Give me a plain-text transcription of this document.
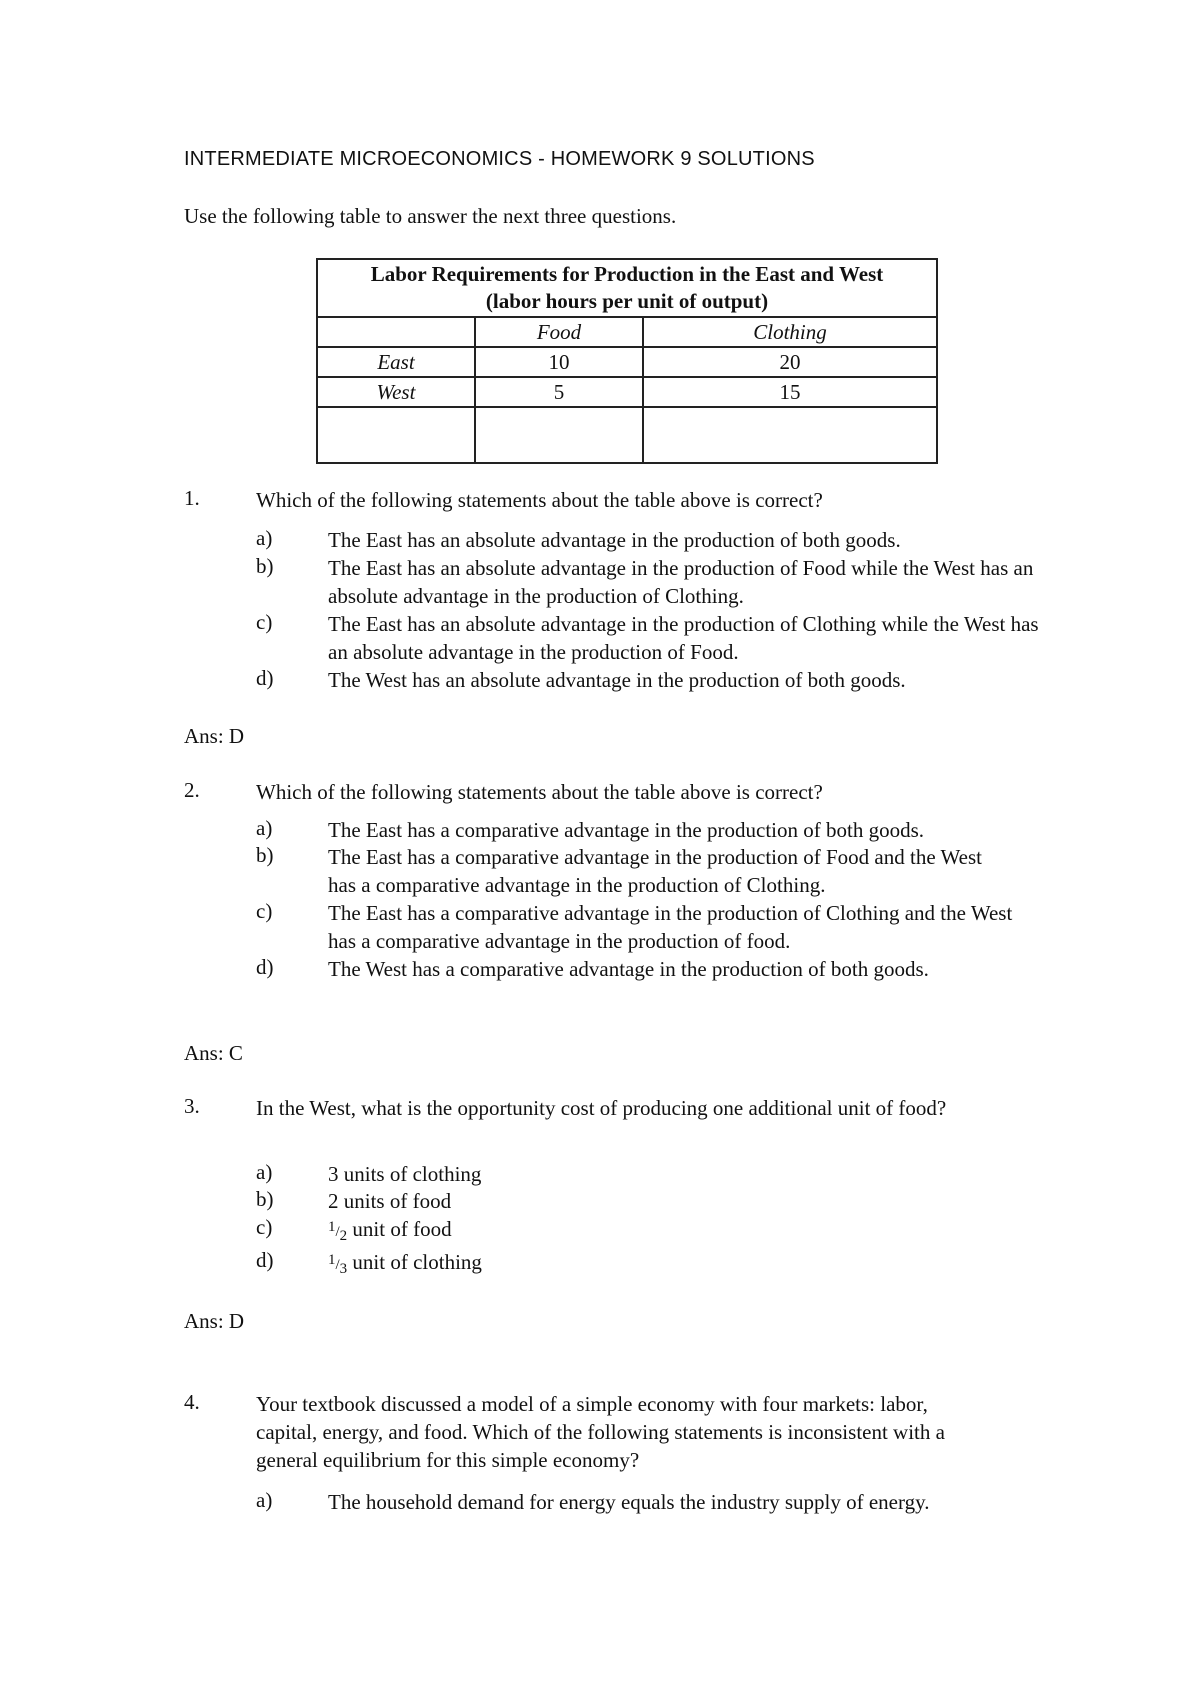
INTERMEDIATE MICROECONOMICS - HOMEWORK 9 SOLUTIONS
Use the following table to answer the next three questions.
Labor Requirements for Production in the East and West
(labor hours per unit of output)		

	Food	Clothing
East	10	20
West	5	15

1.	Which of the following statements about the table above is correct?
a)	The East has an absolute advantage in the production of both goods.
b)	The East has an absolute advantage in the production of Food while the West has an absolute advantage in the production of Clothing.
c)	The East has an absolute advantage in the production of Clothing while the West has an absolute advantage in the production of Food.
d)	The West has an absolute advantage in the production of both goods.
Ans: D
2.	Which of the following statements about the table above is correct?
a)	The East has a comparative advantage in the production of both goods.
b)	The East has a comparative advantage in the production of Food and the West has a comparative advantage in the production of Clothing.
c)	The East has a comparative advantage in the production of Clothing and the West has a comparative advantage in the production of food.
d)	The West has a comparative advantage in the production of both goods.
Ans: C
3.	In the West, what is the opportunity cost of producing one additional unit of food?
a)	3 units of clothing
b)	2 units of food
c)	1/2 unit of food
d)	1/3 unit of clothing
Ans: D
4.	Your textbook discussed a model of a simple economy with four markets: labor, capital, energy, and food. Which of the following statements is inconsistent with a general equilibrium for this simple economy?
a)	The household demand for energy equals the industry supply of energy.
